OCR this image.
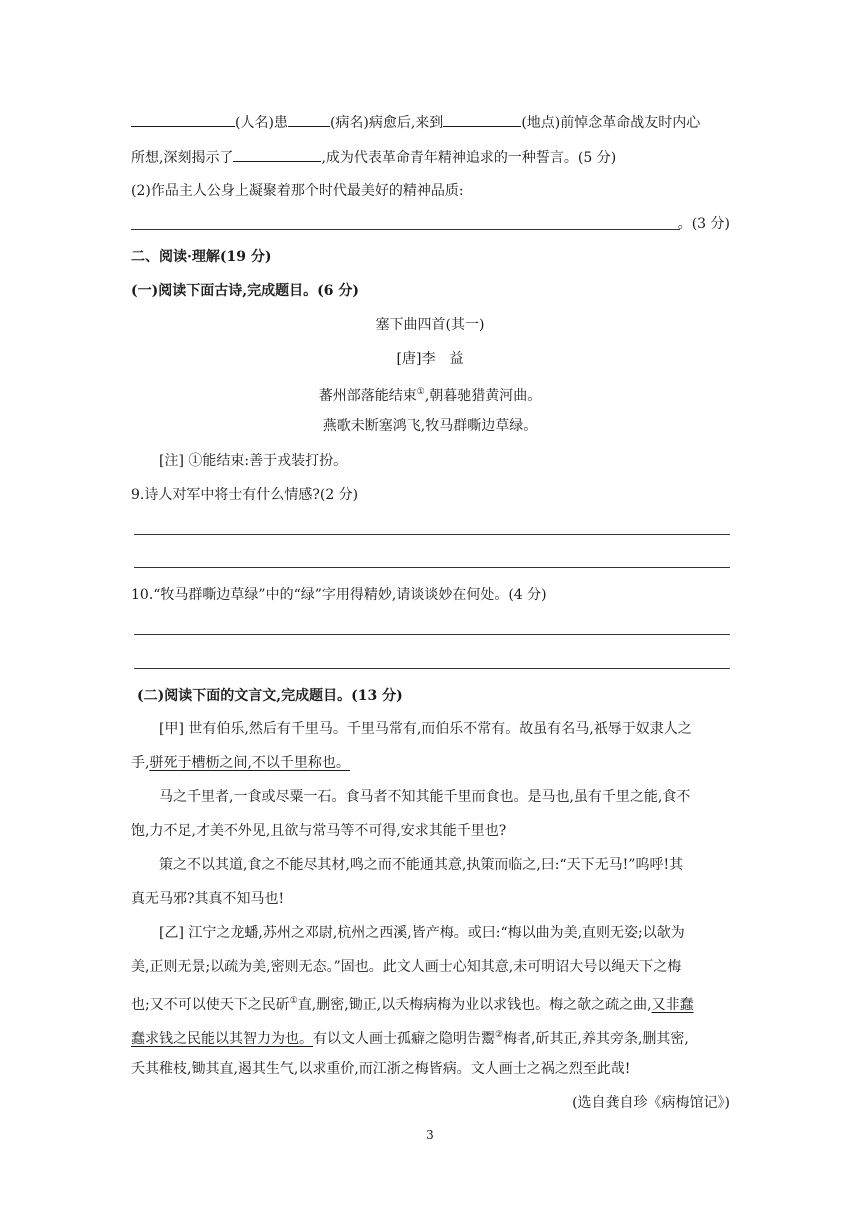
(人名)患	(病名)病愈后,来到	(地点)前悼念革命战友时内心
所想,深刻揭示了	,成为代表革命青年精神追求的一种誓言。(5 分)
(2)作品主人公身上凝聚着那个时代最美好的精神品质:
。(3 分)
二、阅读·理解(19 分)
(一)阅读下面古诗,完成题目。(6 分)
塞下曲四首(其一)
[唐]李　益
蕃州部落能结束①,朝暮驰猎黄河曲。
燕歌未断塞鸿飞,牧马群嘶边草绿。
[注] ①能结束:善于戎装打扮。
9.诗人对军中将士有什么情感?(2 分)
10.“牧马群嘶边草绿”中的“绿”字用得精妙,请谈谈妙在何处。(4 分)
(二)阅读下面的文言文,完成题目。(13 分)
[甲] 世有伯乐,然后有千里马。千里马常有,而伯乐不常有。故虽有名马,祇辱于奴隶人之
手,骈死于槽枥之间,不以千里称也。
马之千里者,一食或尽粟一石。食马者不知其能千里而食也。是马也,虽有千里之能,食不
饱,力不足,才美不外见,且欲与常马等不可得,安求其能千里也?
策之不以其道,食之不能尽其材,鸣之而不能通其意,执策而临之,曰:“天下无马!”呜呼!其
真无马邪?其真不知马也!
[乙] 江宁之龙蟠,苏州之邓尉,杭州之西溪,皆产梅。或曰:“梅以曲为美,直则无姿;以欹为
美,正则无景;以疏为美,密则无态。”固也。此文人画士心知其意,未可明诏大号以绳天下之梅
也;又不可以使天下之民斫①直,删密,锄正,以夭梅病梅为业以求钱也。梅之欹之疏之曲,又非蠢
蠢求钱之民能以其智力为也。有以文人画士孤癖之隐明告鬻②梅者,斫其正,养其旁条,删其密,
夭其稚枝,锄其直,遏其生气,以求重价,而江浙之梅皆病。文人画士之祸之烈至此哉!
(选自龚自珍《病梅馆记》)
3
